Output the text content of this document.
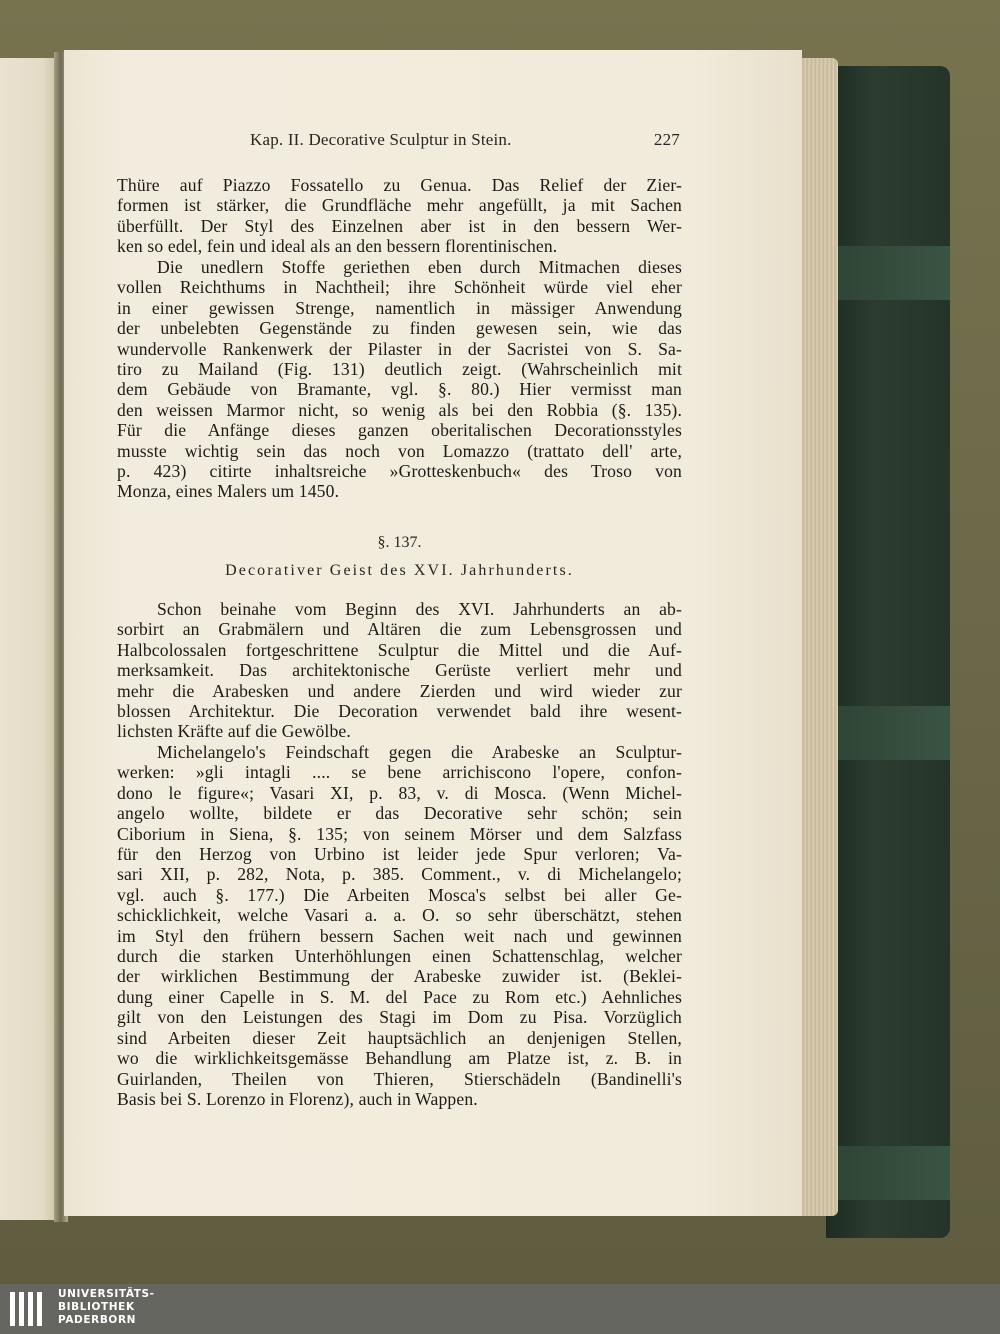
Kap. II. Decorative Sculptur in Stein.	227
Thüre auf Piazzo Fossatello zu Genua. Das Relief der Zier-
formen ist stärker, die Grundfläche mehr angefüllt, ja mit Sachen
überfüllt. Der Styl des Einzelnen aber ist in den bessern Wer-
ken so edel, fein und ideal als an den bessern florentinischen.
Die unedlern Stoffe geriethen eben durch Mitmachen dieses
vollen Reichthums in Nachtheil; ihre Schönheit würde viel eher
in einer gewissen Strenge, namentlich in mässiger Anwendung
der unbelebten Gegenstände zu finden gewesen sein, wie das
wundervolle Rankenwerk der Pilaster in der Sacristei von S. Sa-
tiro zu Mailand (Fig. 131) deutlich zeigt. (Wahrscheinlich mit
dem Gebäude von Bramante, vgl. §. 80.) Hier vermisst man
den weissen Marmor nicht, so wenig als bei den Robbia (§. 135).
Für die Anfänge dieses ganzen oberitalischen Decorationsstyles
musste wichtig sein das noch von Lomazzo (trattato dell' arte,
p. 423) citirte inhaltsreiche »Grotteskenbuch« des Troso von
Monza, eines Malers um 1450.
§. 137.
Decorativer Geist des XVI. Jahrhunderts.
Schon beinahe vom Beginn des XVI. Jahrhunderts an ab-
sorbirt an Grabmälern und Altären die zum Lebensgrossen und
Halbcolossalen fortgeschrittene Sculptur die Mittel und die Auf-
merksamkeit. Das architektonische Gerüste verliert mehr und
mehr die Arabesken und andere Zierden und wird wieder zur
blossen Architektur. Die Decoration verwendet bald ihre wesent-
lichsten Kräfte auf die Gewölbe.
Michelangelo's Feindschaft gegen die Arabeske an Sculptur-
werken: »gli intagli .... se bene arrichiscono l'opere, confon-
dono le figure«; Vasari XI, p. 83, v. di Mosca. (Wenn Michel-
angelo wollte, bildete er das Decorative sehr schön; sein
Ciborium in Siena, §. 135; von seinem Mörser und dem Salzfass
für den Herzog von Urbino ist leider jede Spur verloren; Va-
sari XII, p. 282, Nota, p. 385. Comment., v. di Michelangelo;
vgl. auch §. 177.) Die Arbeiten Mosca's selbst bei aller Ge-
schicklichkeit, welche Vasari a. a. O. so sehr überschätzt, stehen
im Styl den frühern bessern Sachen weit nach und gewinnen
durch die starken Unterhöhlungen einen Schattenschlag, welcher
der wirklichen Bestimmung der Arabeske zuwider ist. (Beklei-
dung einer Capelle in S. M. del Pace zu Rom etc.) Aehnliches
gilt von den Leistungen des Stagi im Dom zu Pisa. Vorzüglich
sind Arbeiten dieser Zeit hauptsächlich an denjenigen Stellen,
wo die wirklichkeitsgemässe Behandlung am Platze ist, z. B. in
Guirlanden, Theilen von Thieren, Stierschädeln (Bandinelli's
Basis bei S. Lorenzo in Florenz), auch in Wappen.
UNIVERSITÄTS-
BIBLIOTHEK
PADERBORN
